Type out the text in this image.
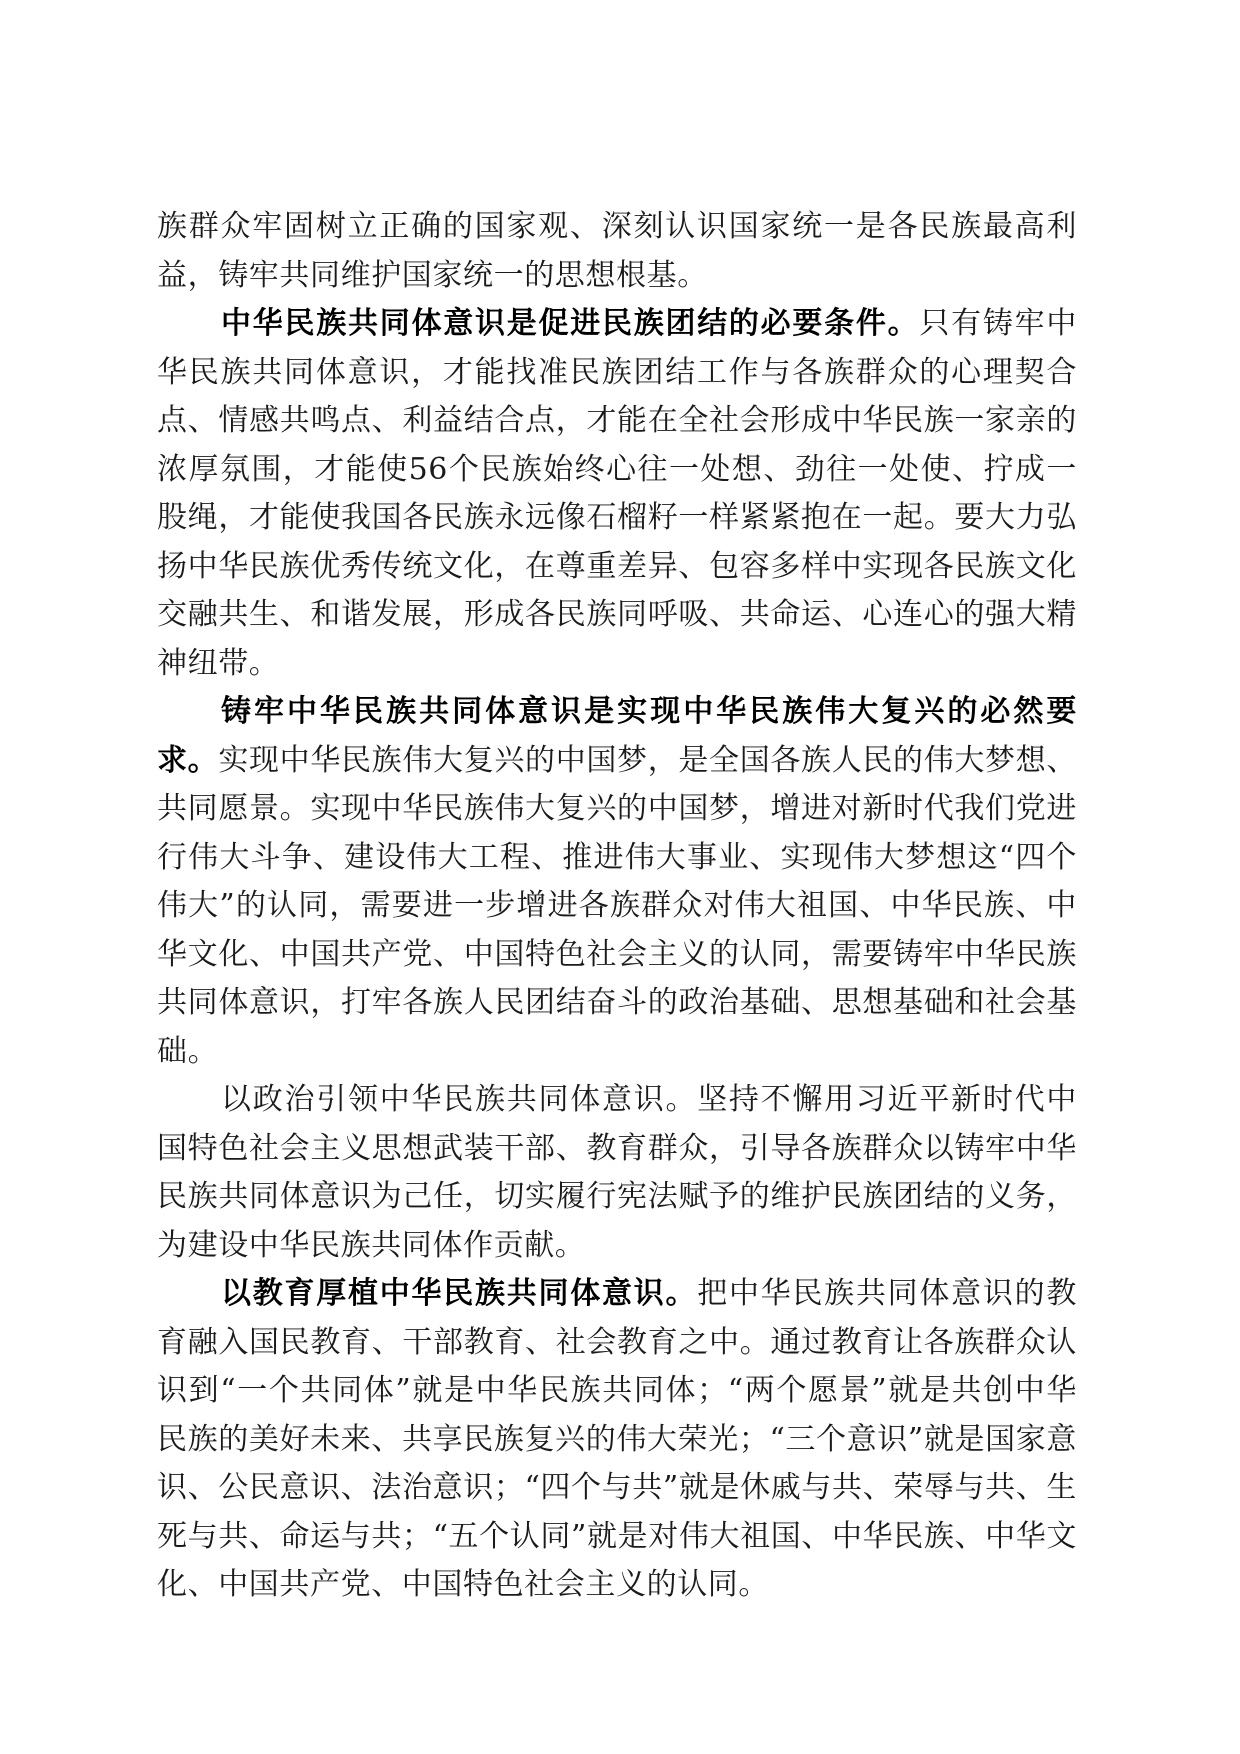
族群众牢固树立正确的国家观、深刻认识国家统一是各民族最高利益，铸牢共同维护国家统一的思想根基。

中华民族共同体意识是促进民族团结的必要条件。只有铸牢中华民族共同体意识，才能找准民族团结工作与各族群众的心理契合点、情感共鸣点、利益结合点，才能在全社会形成中华民族一家亲的浓厚氛围，才能使56个民族始终心往一处想、劲往一处使、拧成一股绳，才能使我国各民族永远像石榴籽一样紧紧抱在一起。要大力弘扬中华民族优秀传统文化，在尊重差异、包容多样中实现各民族文化交融共生、和谐发展，形成各民族同呼吸、共命运、心连心的强大精神纽带。

铸牢中华民族共同体意识是实现中华民族伟大复兴的必然要求。实现中华民族伟大复兴的中国梦，是全国各族人民的伟大梦想、共同愿景。实现中华民族伟大复兴的中国梦，增进对新时代我们党进行伟大斗争、建设伟大工程、推进伟大事业、实现伟大梦想这“四个伟大”的认同，需要进一步增进各族群众对伟大祖国、中华民族、中华文化、中国共产党、中国特色社会主义的认同，需要铸牢中华民族共同体意识，打牢各族人民团结奋斗的政治基础、思想基础和社会基础。

以政治引领中华民族共同体意识。坚持不懈用习近平新时代中国特色社会主义思想武装干部、教育群众，引导各族群众以铸牢中华民族共同体意识为己任，切实履行宪法赋予的维护民族团结的义务，为建设中华民族共同体作贡献。

以教育厚植中华民族共同体意识。把中华民族共同体意识的教育融入国民教育、干部教育、社会教育之中。通过教育让各族群众认识到“一个共同体”就是中华民族共同体；“两个愿景”就是共创中华民族的美好未来、共享民族复兴的伟大荣光；“三个意识”就是国家意识、公民意识、法治意识；“四个与共”就是休戚与共、荣辱与共、生死与共、命运与共；“五个认同”就是对伟大祖国、中华民族、中华文化、中国共产党、中国特色社会主义的认同。
